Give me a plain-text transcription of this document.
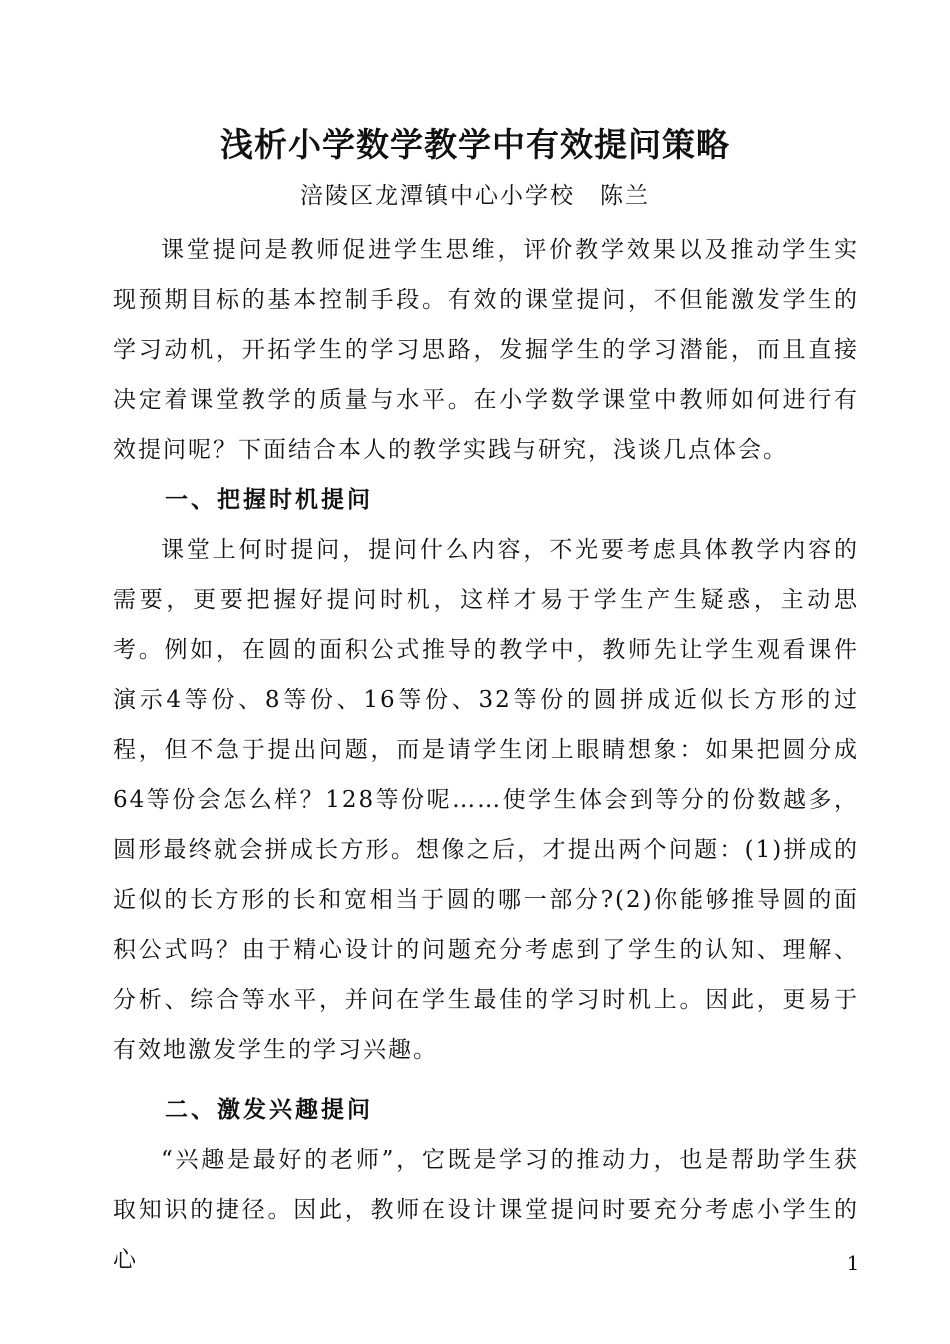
浅析小学数学教学中有效提问策略

涪陵区龙潭镇中心小学校　陈兰

课堂提问是教师促进学生思维，评价教学效果以及推动学生实现预期目标的基本控制手段。有效的课堂提问，不但能激发学生的学习动机，开拓学生的学习思路，发掘学生的学习潜能，而且直接决定着课堂教学的质量与水平。在小学数学课堂中教师如何进行有效提问呢？下面结合本人的教学实践与研究，浅谈几点体会。

一、把握时机提问

课堂上何时提问，提问什么内容，不光要考虑具体教学内容的需要，更要把握好提问时机，这样才易于学生产生疑惑，主动思考。例如，在圆的面积公式推导的教学中，教师先让学生观看课件演示4等份、8等份、16等份、32等份的圆拼成近似长方形的过程，但不急于提出问题，而是请学生闭上眼睛想象：如果把圆分成64等份会怎么样？128等份呢……使学生体会到等分的份数越多，圆形最终就会拼成长方形。想像之后，才提出两个问题：(1)拼成的近似的长方形的长和宽相当于圆的哪一部分?(2)你能够推导圆的面积公式吗？由于精心设计的问题充分考虑到了学生的认知、理解、分析、综合等水平，并问在学生最佳的学习时机上。因此，更易于有效地激发学生的学习兴趣。

二、激发兴趣提问

“兴趣是最好的老师”，它既是学习的推动力，也是帮助学生获取知识的捷径。因此，教师在设计课堂提问时要充分考虑小学生的心	1
